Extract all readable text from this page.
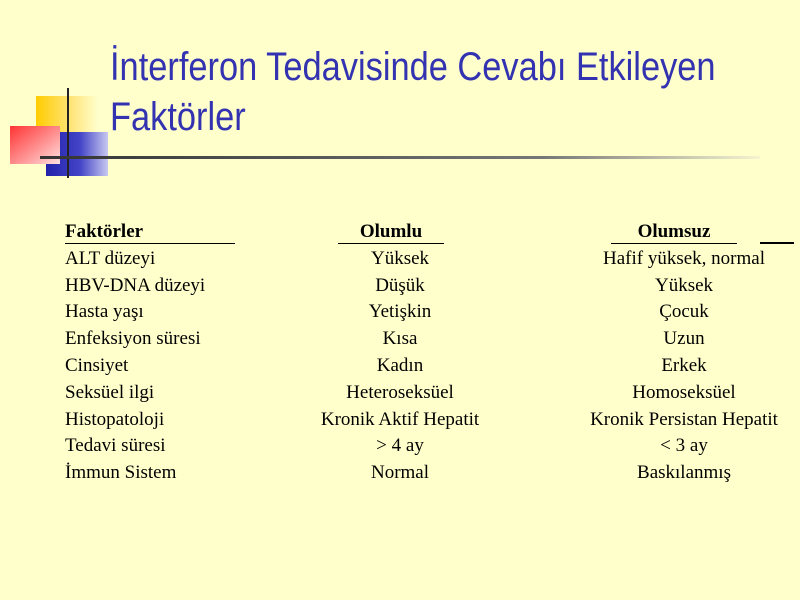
İnterferon Tedavisinde Cevabı Etkileyen
Faktörler
Faktörler	Olumlu	Olumsuz
ALT düzeyi	Yüksek	Hafif yüksek, normal
HBV-DNA düzeyi	Düşük	Yüksek
Hasta yaşı	Yetişkin	Çocuk
Enfeksiyon süresi	Kısa	Uzun
Cinsiyet	Kadın	Erkek
Seksüel ilgi	Heteroseksüel	Homoseksüel
Histopatoloji	Kronik Aktif Hepatit	Kronik Persistan Hepatit
Tedavi süresi	> 4 ay	< 3 ay
İmmun Sistem	Normal	Baskılanmış
